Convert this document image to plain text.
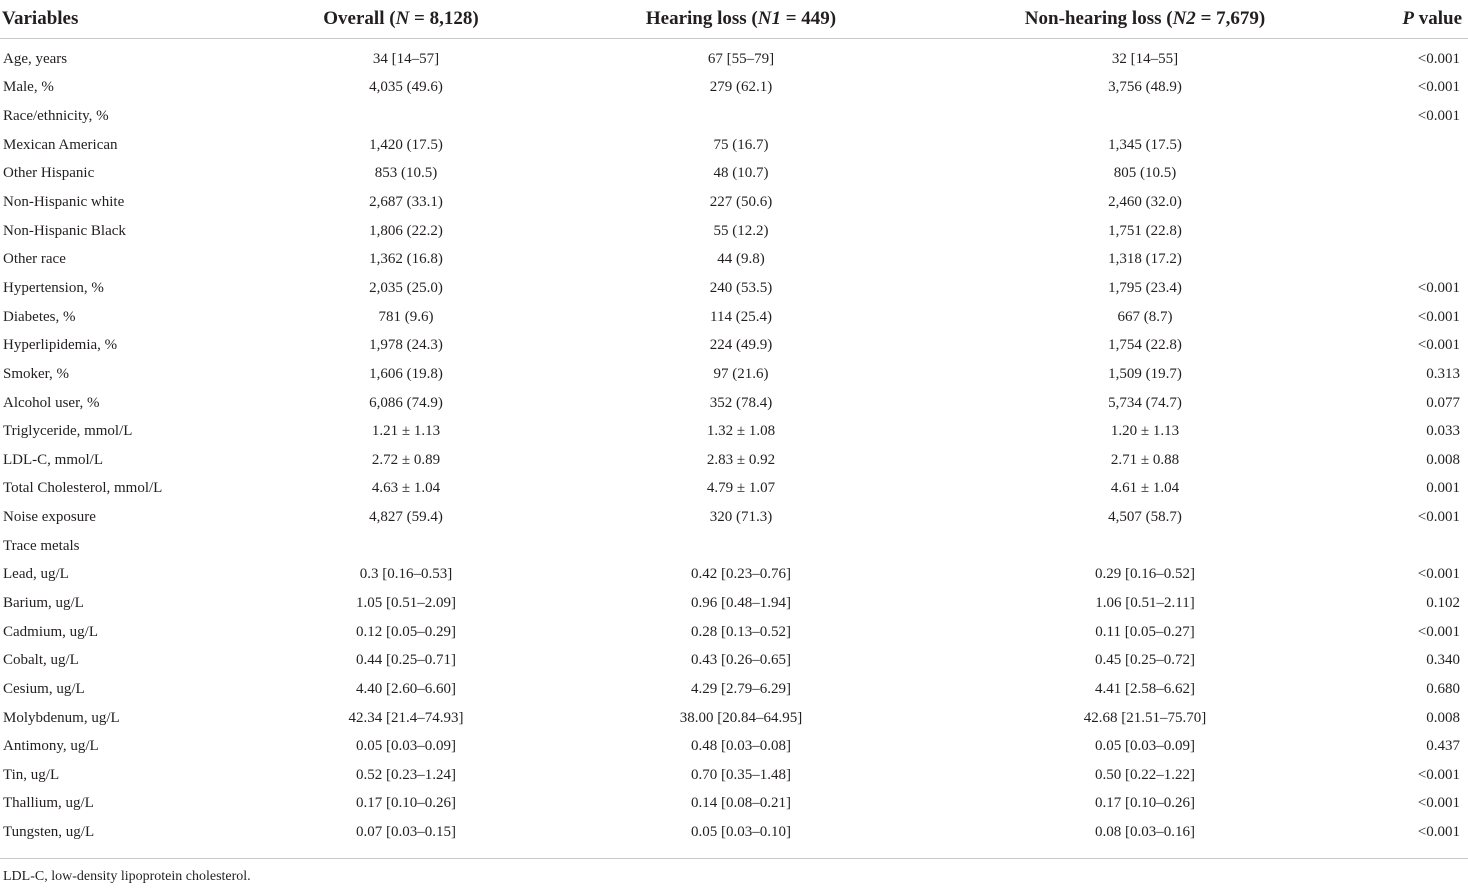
Variables	Overall (N = 8,128)	Hearing loss (N1 = 449)	Non-hearing loss (N2 = 7,679)	P value
Age, years	34 [14–57]	67 [55–79]	32 [14–55]	<0.001
Male, %	4,035 (49.6)	279 (62.1)	3,756 (48.9)	<0.001
Race/ethnicity, %				<0.001
Mexican American	1,420 (17.5)	75 (16.7)	1,345 (17.5)	
Other Hispanic	853 (10.5)	48 (10.7)	805 (10.5)	
Non-Hispanic white	2,687 (33.1)	227 (50.6)	2,460 (32.0)	
Non-Hispanic Black	1,806 (22.2)	55 (12.2)	1,751 (22.8)	
Other race	1,362 (16.8)	44 (9.8)	1,318 (17.2)	
Hypertension, %	2,035 (25.0)	240 (53.5)	1,795 (23.4)	<0.001
Diabetes, %	781 (9.6)	114 (25.4)	667 (8.7)	<0.001
Hyperlipidemia, %	1,978 (24.3)	224 (49.9)	1,754 (22.8)	<0.001
Smoker, %	1,606 (19.8)	97 (21.6)	1,509 (19.7)	0.313
Alcohol user, %	6,086 (74.9)	352 (78.4)	5,734 (74.7)	0.077
Triglyceride, mmol/L	1.21 ± 1.13	1.32 ± 1.08	1.20 ± 1.13	0.033
LDL-C, mmol/L	2.72 ± 0.89	2.83 ± 0.92	2.71 ± 0.88	0.008
Total Cholesterol, mmol/L	4.63 ± 1.04	4.79 ± 1.07	4.61 ± 1.04	0.001
Noise exposure	4,827 (59.4)	320 (71.3)	4,507 (58.7)	<0.001
Trace metals				
Lead, ug/L	0.3 [0.16–0.53]	0.42 [0.23–0.76]	0.29 [0.16–0.52]	<0.001
Barium, ug/L	1.05 [0.51–2.09]	0.96 [0.48–1.94]	1.06 [0.51–2.11]	0.102
Cadmium, ug/L	0.12 [0.05–0.29]	0.28 [0.13–0.52]	0.11 [0.05–0.27]	<0.001
Cobalt, ug/L	0.44 [0.25–0.71]	0.43 [0.26–0.65]	0.45 [0.25–0.72]	0.340
Cesium, ug/L	4.40 [2.60–6.60]	4.29 [2.79–6.29]	4.41 [2.58–6.62]	0.680
Molybdenum, ug/L	42.34 [21.4–74.93]	38.00 [20.84–64.95]	42.68 [21.51–75.70]	0.008
Antimony, ug/L	0.05 [0.03–0.09]	0.48 [0.03–0.08]	0.05 [0.03–0.09]	0.437
Tin, ug/L	0.52 [0.23–1.24]	0.70 [0.35–1.48]	0.50 [0.22–1.22]	<0.001
Thallium, ug/L	0.17 [0.10–0.26]	0.14 [0.08–0.21]	0.17 [0.10–0.26]	<0.001
Tungsten, ug/L	0.07 [0.03–0.15]	0.05 [0.03–0.10]	0.08 [0.03–0.16]	<0.001
LDL-C, low-density lipoprotein cholesterol.
